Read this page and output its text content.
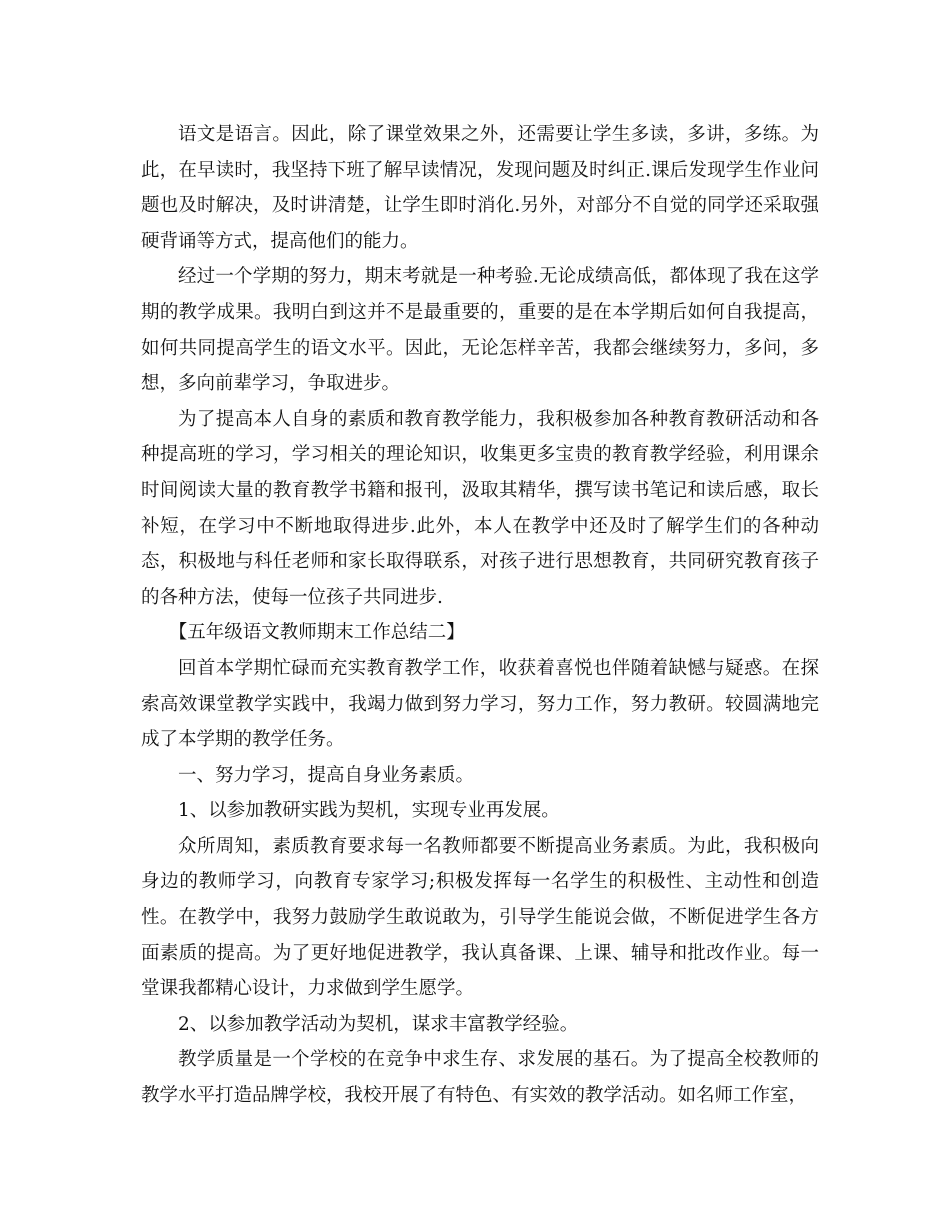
语文是语言。因此，除了课堂效果之外，还需要让学生多读，多讲，多练。为此，在早读时，我坚持下班了解早读情况，发现问题及时纠正.课后发现学生作业问题也及时解决，及时讲清楚，让学生即时消化.另外，对部分不自觉的同学还采取强硬背诵等方式，提高他们的能力。

经过一个学期的努力，期末考就是一种考验.无论成绩高低，都体现了我在这学期的教学成果。我明白到这并不是最重要的，重要的是在本学期后如何自我提高，如何共同提高学生的语文水平。因此，无论怎样辛苦，我都会继续努力，多问，多想，多向前辈学习，争取进步。

为了提高本人自身的素质和教育教学能力，我积极参加各种教育教研活动和各种提高班的学习，学习相关的理论知识，收集更多宝贵的教育教学经验，利用课余时间阅读大量的教育教学书籍和报刊，汲取其精华，撰写读书笔记和读后感，取长补短，在学习中不断地取得进步.此外，本人在教学中还及时了解学生们的各种动态，积极地与科任老师和家长取得联系，对孩子进行思想教育，共同研究教育孩子的各种方法，使每一位孩子共同进步.

【五年级语文教师期末工作总结二】

回首本学期忙碌而充实教育教学工作，收获着喜悦也伴随着缺憾与疑惑。在探索高效课堂教学实践中，我竭力做到努力学习，努力工作，努力教研。较圆满地完成了本学期的教学任务。

一、努力学习，提高自身业务素质。

1、以参加教研实践为契机，实现专业再发展。

众所周知，素质教育要求每一名教师都要不断提高业务素质。为此，我积极向身边的教师学习，向教育专家学习;积极发挥每一名学生的积极性、主动性和创造性。在教学中，我努力鼓励学生敢说敢为，引导学生能说会做，不断促进学生各方面素质的提高。为了更好地促进教学，我认真备课、上课、辅导和批改作业。每一堂课我都精心设计，力求做到学生愿学。

2、以参加教学活动为契机，谋求丰富教学经验。

教学质量是一个学校的在竞争中求生存、求发展的基石。为了提高全校教师的教学水平打造品牌学校，我校开展了有特色、有实效的教学活动。如名师工作室，
